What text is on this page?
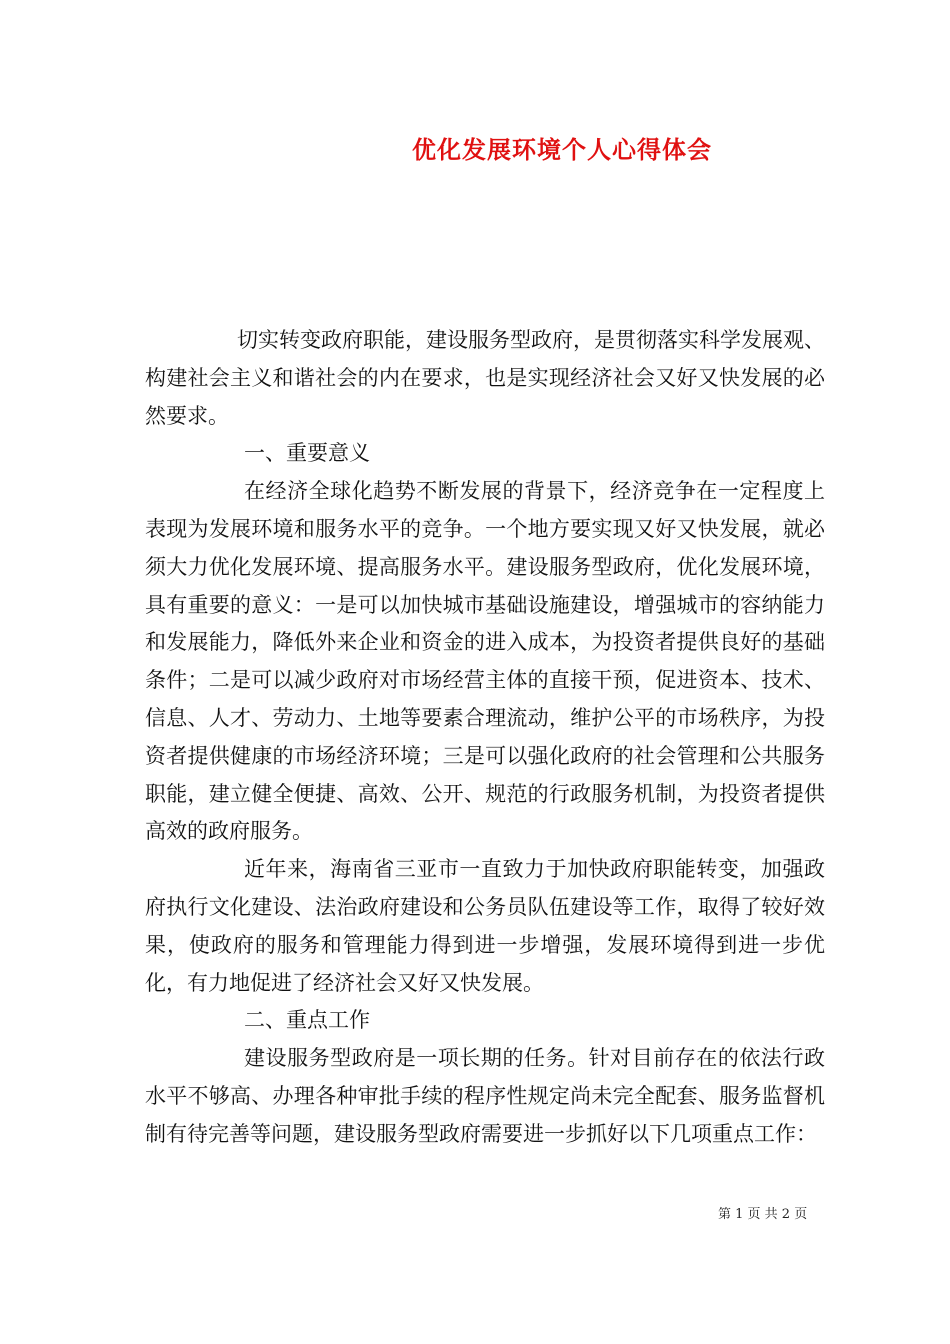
优化发展环境个人心得体会

切实转变政府职能，建设服务型政府，是贯彻落实科学发展观、构建社会主义和谐社会的内在要求，也是实现经济社会又好又快发展的必然要求。

一、重要意义

在经济全球化趋势不断发展的背景下，经济竞争在一定程度上表现为发展环境和服务水平的竞争。一个地方要实现又好又快发展，就必须大力优化发展环境、提高服务水平。建设服务型政府，优化发展环境，具有重要的意义：一是可以加快城市基础设施建设，增强城市的容纳能力和发展能力，降低外来企业和资金的进入成本，为投资者提供良好的基础条件；二是可以减少政府对市场经营主体的直接干预，促进资本、技术、信息、人才、劳动力、土地等要素合理流动，维护公平的市场秩序，为投资者提供健康的市场经济环境；三是可以强化政府的社会管理和公共服务职能，建立健全便捷、高效、公开、规范的行政服务机制，为投资者提供高效的政府服务。

近年来，海南省三亚市一直致力于加快政府职能转变，加强政府执行文化建设、法治政府建设和公务员队伍建设等工作，取得了较好效果，使政府的服务和管理能力得到进一步增强，发展环境得到进一步优化，有力地促进了经济社会又好又快发展。

二、重点工作

建设服务型政府是一项长期的任务。针对目前存在的依法行政水平不够高、办理各种审批手续的程序性规定尚未完全配套、服务监督机制有待完善等问题，建设服务型政府需要进一步抓好以下几项重点工作：

第 1 页 共 2 页
